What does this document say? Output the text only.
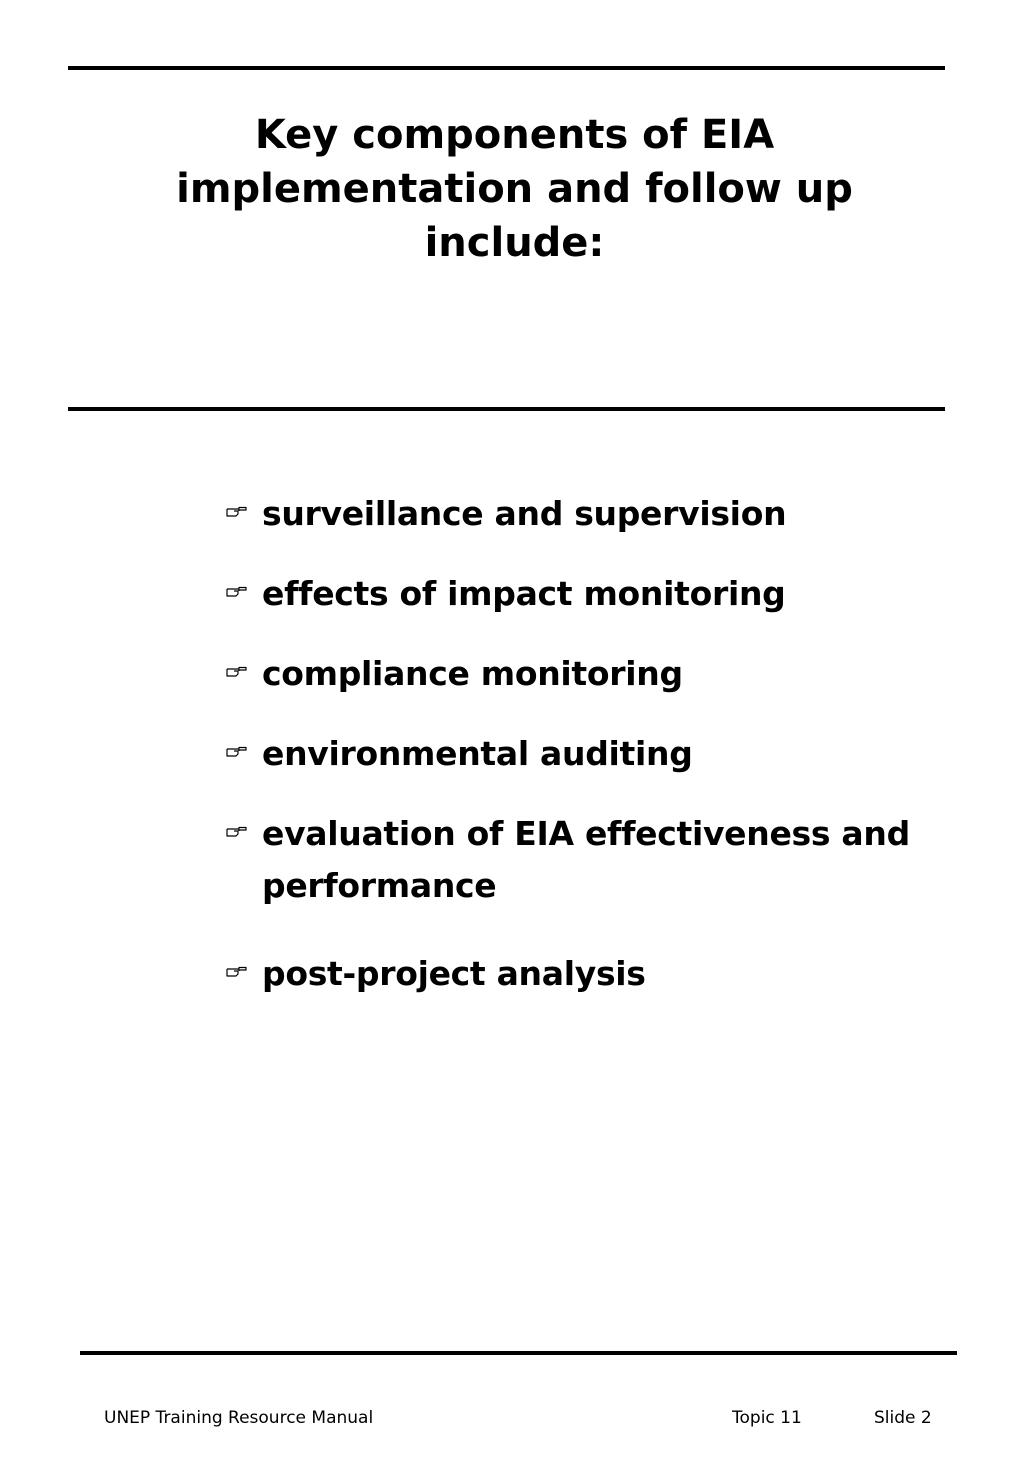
Key components of EIA
implementation and follow up
include:
surveillance and supervision
effects of impact monitoring
compliance monitoring
environmental auditing
evaluation of EIA effectiveness and
performance
post-project analysis
UNEP Training Resource Manual	Topic 11	Slide 2
